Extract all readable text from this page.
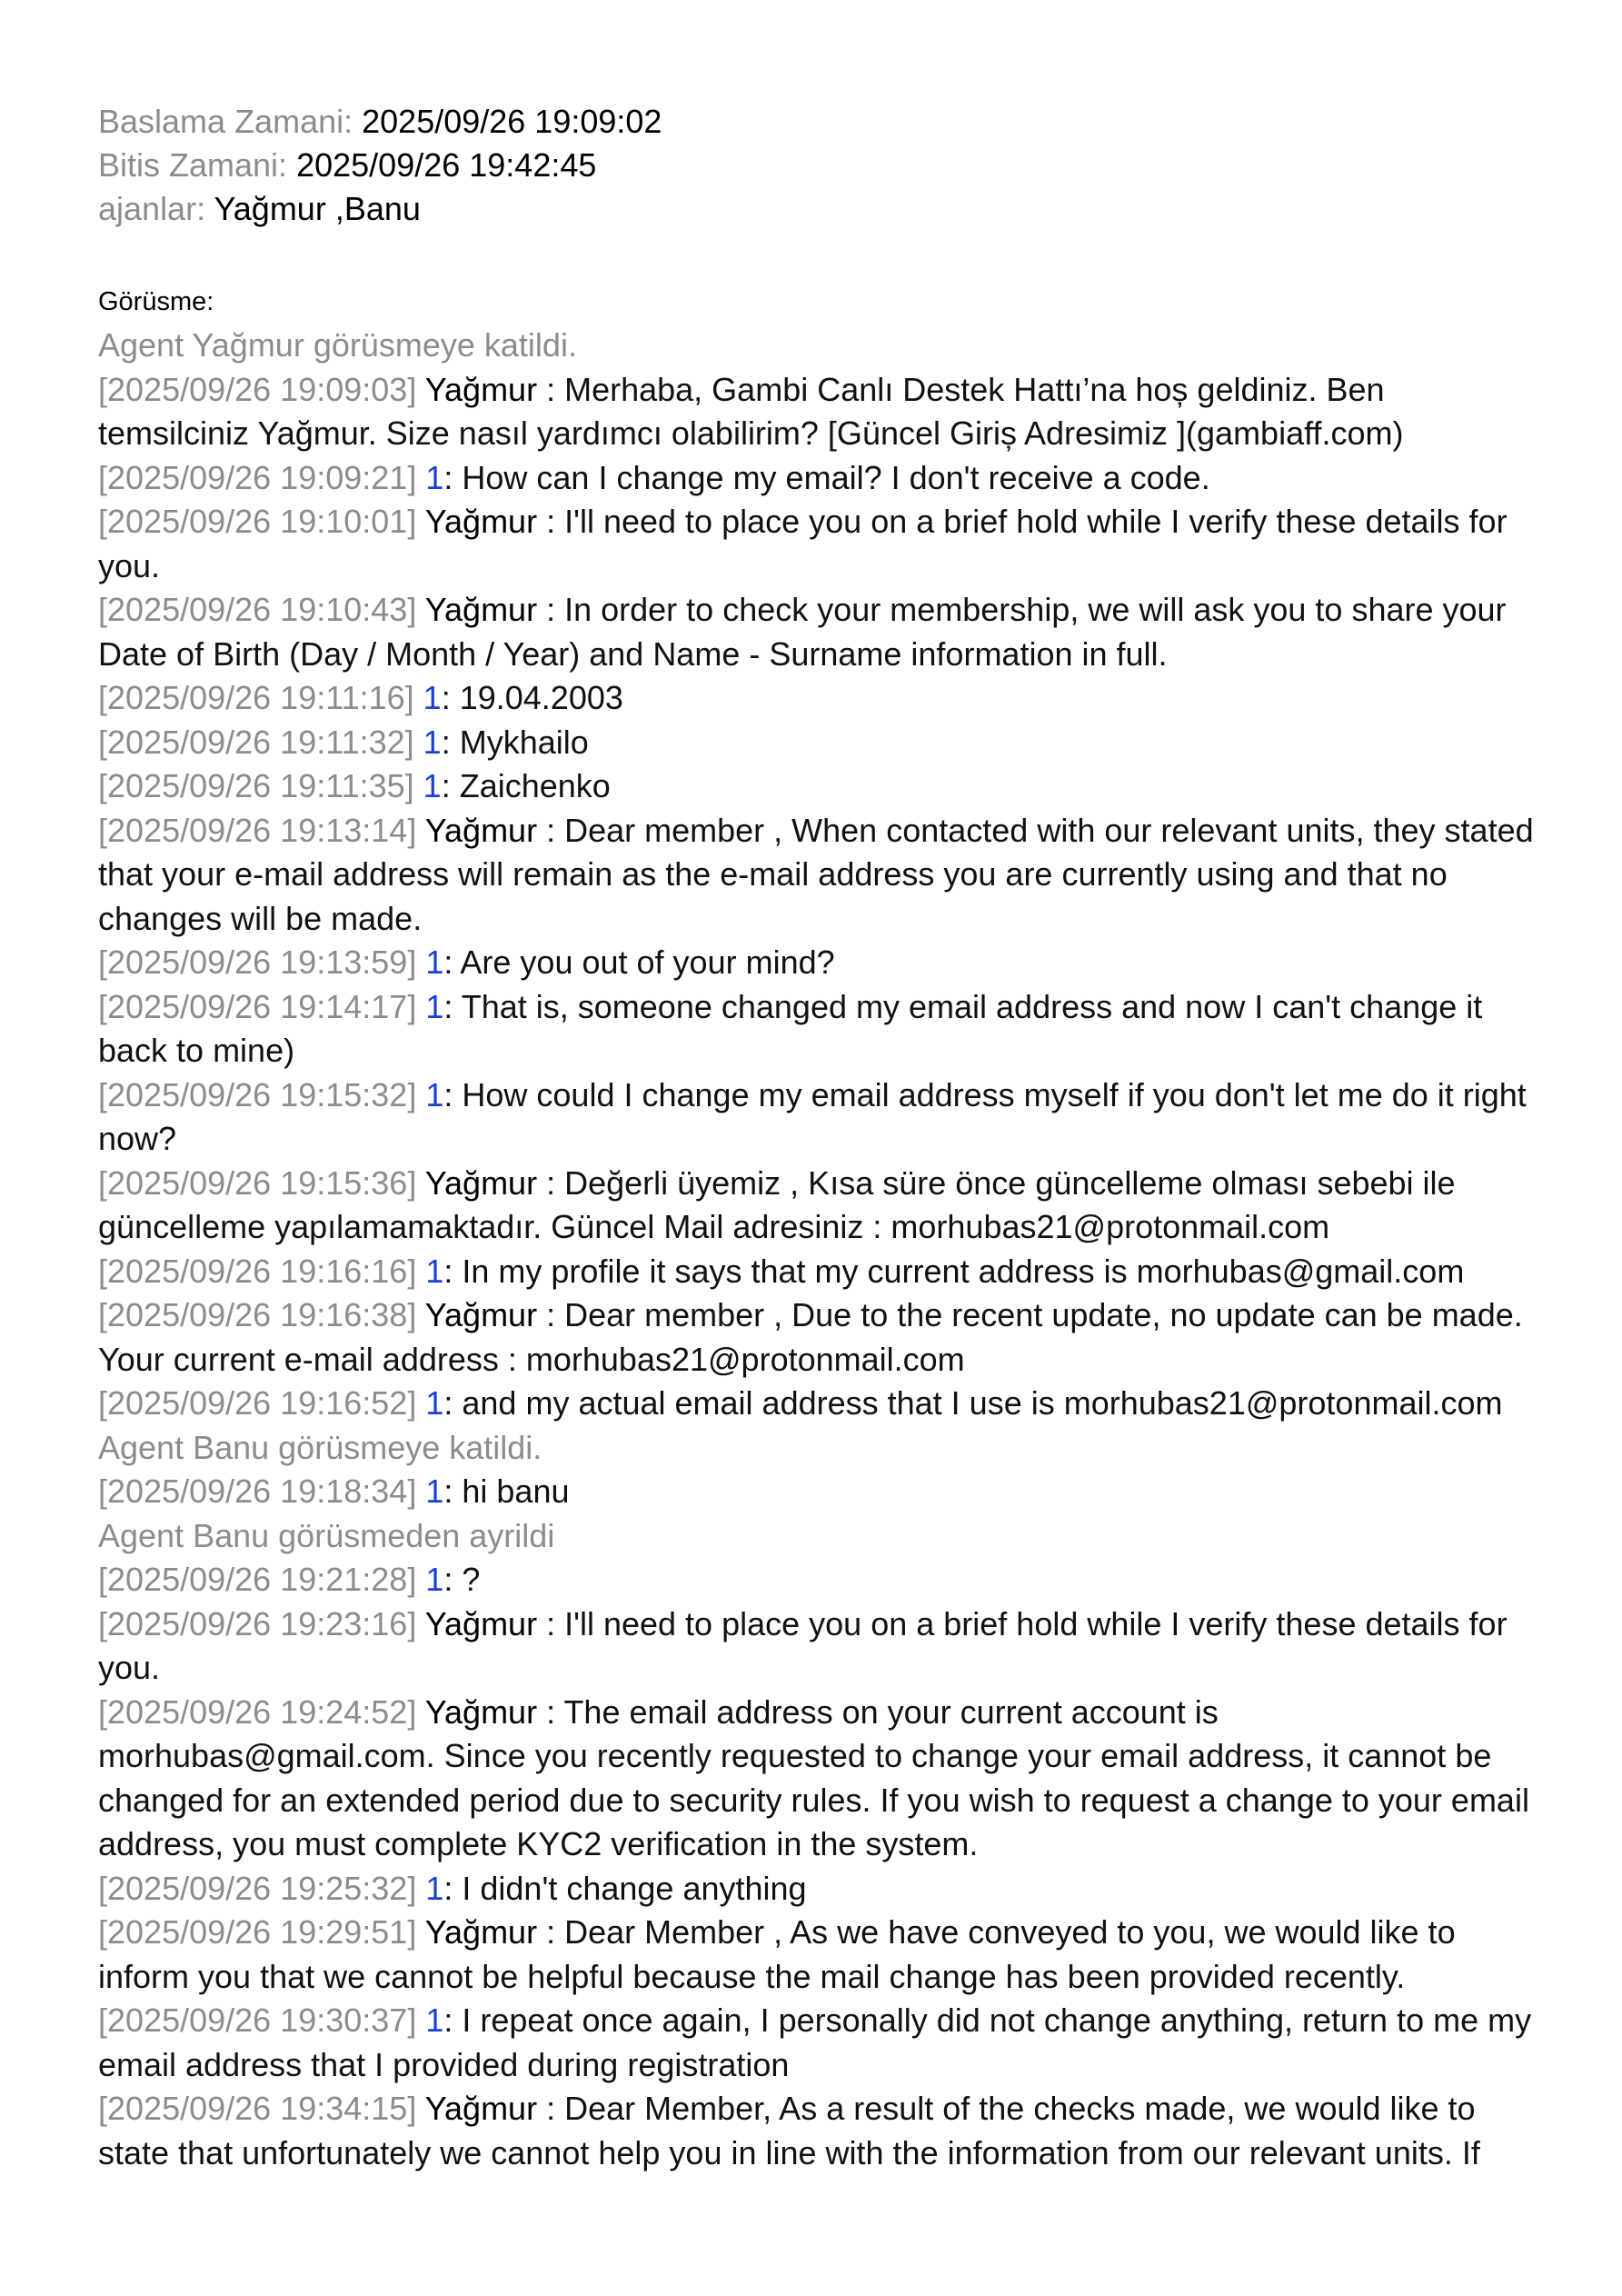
Baslama Zamani: 2025/09/26 19:09:02
Bitis Zamani: 2025/09/26 19:42:45
ajanlar: Yağmur ,Banu
Görüsme:
Agent Yağmur görüsmeye katildi.
[2025/09/26 19:09:03] Yağmur : Merhaba, Gambi Canlı Destek Hattı’na hoș geldiniz. Ben temsilciniz Yağmur. Size nasıl yardımcı olabilirim? [Güncel Giriș Adresimiz ](gambiaff.com)
[2025/09/26 19:09:21] 1: How can I change my email? I don't receive a code.
[2025/09/26 19:10:01] Yağmur : I'll need to place you on a brief hold while I verify these details for you.
[2025/09/26 19:10:43] Yağmur : In order to check your membership, we will ask you to share your Date of Birth (Day / Month / Year) and Name - Surname information in full.
[2025/09/26 19:11:16] 1: 19.04.2003
[2025/09/26 19:11:32] 1: Mykhailo
[2025/09/26 19:11:35] 1: Zaichenko
[2025/09/26 19:13:14] Yağmur : Dear member , When contacted with our relevant units, they stated that your e-mail address will remain as the e-mail address you are currently using and that no changes will be made.
[2025/09/26 19:13:59] 1: Are you out of your mind?
[2025/09/26 19:14:17] 1: That is, someone changed my email address and now I can't change it back to mine)
[2025/09/26 19:15:32] 1: How could I change my email address myself if you don't let me do it right now?
[2025/09/26 19:15:36] Yağmur : Değerli üyemiz , Kısa süre önce güncelleme olması sebebi ile güncelleme yapılamamaktadır. Güncel Mail adresiniz : morhubas21@protonmail.com
[2025/09/26 19:16:16] 1: In my profile it says that my current address is morhubas@gmail.com
[2025/09/26 19:16:38] Yağmur : Dear member , Due to the recent update, no update can be made. Your current e-mail address : morhubas21@protonmail.com
[2025/09/26 19:16:52] 1: and my actual email address that I use is morhubas21@protonmail.com
Agent Banu görüsmeye katildi.
[2025/09/26 19:18:34] 1: hi banu
Agent Banu görüsmeden ayrildi
[2025/09/26 19:21:28] 1: ?
[2025/09/26 19:23:16] Yağmur : I'll need to place you on a brief hold while I verify these details for you.
[2025/09/26 19:24:52] Yağmur : The email address on your current account is morhubas@gmail.com. Since you recently requested to change your email address, it cannot be changed for an extended period due to security rules. If you wish to request a change to your email address, you must complete KYC2 verification in the system.
[2025/09/26 19:25:32] 1: I didn't change anything
[2025/09/26 19:29:51] Yağmur : Dear Member , As we have conveyed to you, we would like to inform you that we cannot be helpful because the mail change has been provided recently.
[2025/09/26 19:30:37] 1: I repeat once again, I personally did not change anything, return to me my email address that I provided during registration
[2025/09/26 19:34:15] Yağmur : Dear Member, As a result of the checks made, we would like to state that unfortunately we cannot help you in line with the information from our relevant units. If
